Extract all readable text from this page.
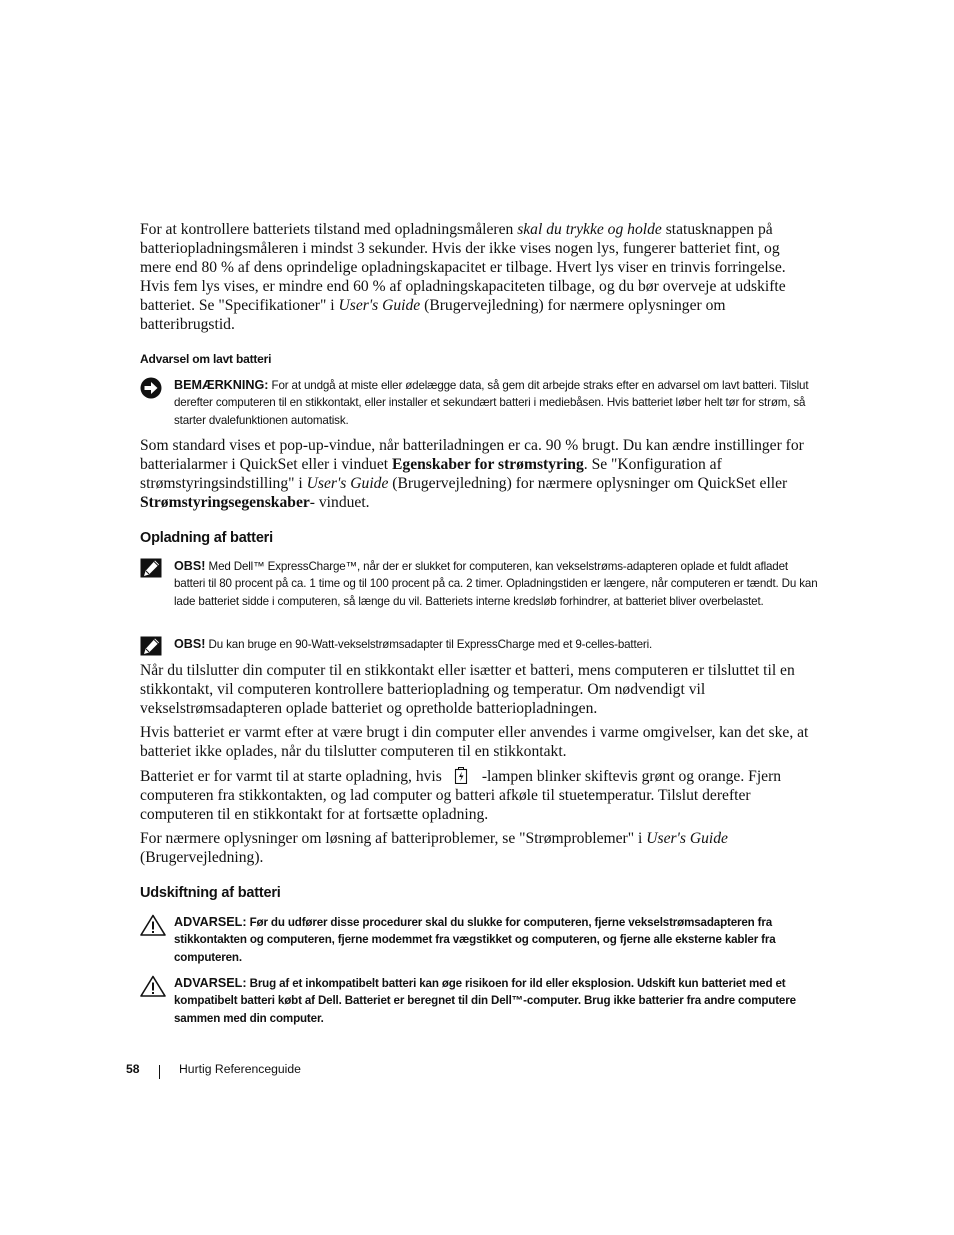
For at kontrollere batteriets tilstand med opladningsmåleren skal du trykke og holde statusknappen på batteriopladningsmåleren i mindst 3 sekunder. Hvis der ikke vises nogen lys, fungerer batteriet fint, og mere end 80 % af dens oprindelige opladningskapacitet er tilbage. Hvert lys viser en trinvis forringelse. Hvis fem lys vises, er mindre end 60 % af opladningskapaciteten tilbage, og du bør overveje at udskifte batteriet. Se "Specifikationer" i User's Guide (Brugervejledning) for nærmere oplysninger om batteribrugstid.

Advarsel om lavt batteri
BEMÆRKNING: For at undgå at miste eller ødelægge data, så gem dit arbejde straks efter en advarsel om lavt batteri. Tilslut derefter computeren til en stikkontakt, eller installer et sekundært batteri i mediebåsen. Hvis batteriet løber helt tør for strøm, så starter dvalefunktionen automatisk.

Som standard vises et pop-up-vindue, når batteriladningen er ca. 90 % brugt. Du kan ændre instillinger for batterialarmer i QuickSet eller i vinduet Egenskaber for strømstyring. Se "Konfiguration af strømstyringsindstilling" i User's Guide (Brugervejledning) for nærmere oplysninger om QuickSet eller Strømstyringsegenskaber- vinduet.

Opladning af batteri
OBS! Med Dell™ ExpressCharge™, når der er slukket for computeren, kan vekselstrøms-adapteren oplade et fuldt afladet batteri til 80 procent på ca. 1 time og til 100 procent på ca. 2 timer. Opladningstiden er længere, når computeren er tændt. Du kan lade batteriet sidde i computeren, så længe du vil. Batteriets interne kredsløb forhindrer, at batteriet bliver overbelastet.
OBS! Du kan bruge en 90-Watt-vekselstrømsadapter til ExpressCharge med et 9-celles-batteri.

Når du tilslutter din computer til en stikkontakt eller isætter et batteri, mens computeren er tilsluttet til en stikkontakt, vil computeren kontrollere batteriopladning og temperatur. Om nødvendigt vil vekselstrømsadapteren oplade batteriet og opretholde batteriopladningen.

Hvis batteriet er varmt efter at være brugt i din computer eller anvendes i varme omgivelser, kan det ske, at batteriet ikke oplades, når du tilslutter computeren til en stikkontakt.

Batteriet er for varmt til at starte opladning, hvis	-lampen blinker skiftevis grønt og orange. Fjern computeren fra stikkontakten, og lad computer og batteri afkøle til stuetemperatur. Tilslut derefter computeren til en stikkontakt for at fortsætte opladning.

For nærmere oplysninger om løsning af batteriproblemer, se "Strømproblemer" i User's Guide (Brugervejledning).

Udskiftning af batteri
ADVARSEL: Før du udfører disse procedurer skal du slukke for computeren, fjerne vekselstrømsadapteren fra stikkontakten og computeren, fjerne modemmet fra vægstikket og computeren, og fjerne alle eksterne kabler fra computeren.
ADVARSEL: Brug af et inkompatibelt batteri kan øge risikoen for ild eller eksplosion. Udskift kun batteriet med et kompatibelt batteri købt af Dell. Batteriet er beregnet til din Dell™-computer. Brug ikke batterier fra andre computere sammen med din computer.
58	Hurtig Referenceguide
